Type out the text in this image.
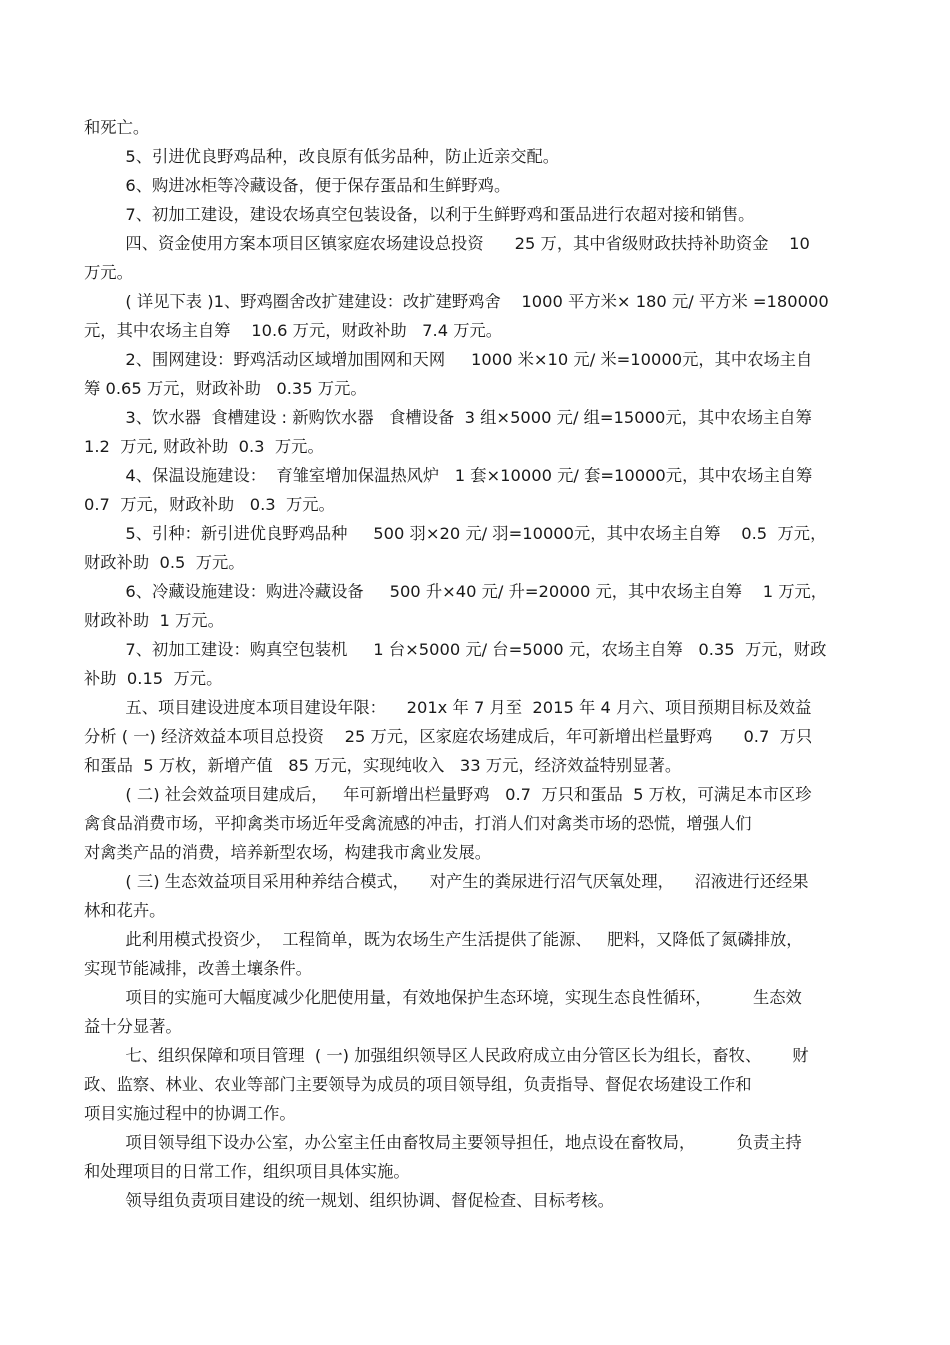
和死亡。

5、引进优良野鸡品种，改良原有低劣品种，防止近亲交配。

6、购进冰柜等冷藏设备，便于保存蛋品和生鲜野鸡。

7、初加工建设，建设农场真空包装设备，以利于生鲜野鸡和蛋品进行农超对接和销售。

四、资金使用方案本项目区镇家庭农场建设总投资      25 万，其中省级财政扶持补助资金    10

万元。

( 详见下表 )1、野鸡圈舍改扩建建设：改扩建野鸡舍    1000 平方米× 180 元/ 平方米 =180000

元，其中农场主自筹    10.6 万元，财政补助   7.4 万元。

2、围网建设：野鸡活动区域增加围网和天网     1000 米×10 元/ 米=10000元，其中农场主自

筹 0.65 万元，财政补助   0.35 万元。

3、饮水器  食槽建设 : 新购饮水器   食槽设备  3 组×5000 元/ 组=15000元，其中农场主自筹

1.2  万元, 财政补助  0.3  万元。

4、保温设施建设：  育雏室增加保温热风炉   1 套×10000 元/ 套=10000元，其中农场主自筹

0.7  万元，财政补助   0.3  万元。

5、引种：新引进优良野鸡品种     500 羽×20 元/ 羽=10000元，其中农场主自筹    0.5  万元，

财政补助  0.5  万元。

6、冷藏设施建设：购进冷藏设备     500 升×40 元/ 升=20000 元，其中农场主自筹    1 万元，

财政补助  1 万元。

7、初加工建设：购真空包装机     1 台×5000 元/ 台=5000 元，农场主自筹   0.35  万元，财政

补助  0.15  万元。

五、项目建设进度本项目建设年限：    201x 年 7 月至  2015 年 4 月六、项目预期目标及效益

分析 ( 一) 经济效益本项目总投资    25 万元，区家庭农场建成后，年可新增出栏量野鸡      0.7  万只

和蛋品  5 万枚，新增产值   85 万元，实现纯收入   33 万元，经济效益特别显著。

( 二) 社会效益项目建成后，   年可新增出栏量野鸡   0.7  万只和蛋品  5 万枚，可满足本市区珍

禽食品消费市场，平抑禽类市场近年受禽流感的冲击，打消人们对禽类市场的恐慌，增强人们

对禽类产品的消费，培养新型农场，构建我市禽业发展。

( 三) 生态效益项目采用种养结合模式，    对产生的粪尿进行沼气厌氧处理，    沼液进行还经果

林和花卉。

此利用模式投资少，  工程简单，既为农场生产生活提供了能源、   肥料，又降低了氮磷排放，

实现节能减排，改善土壤条件。

项目的实施可大幅度减少化肥使用量，有效地保护生态环境，实现生态良性循环，        生态效

益十分显著。

七、组织保障和项目管理  ( 一) 加强组织领导区人民政府成立由分管区长为组长，畜牧、      财

政、监察、林业、农业等部门主要领导为成员的项目领导组，负责指导、督促农场建设工作和

项目实施过程中的协调工作。

项目领导组下设办公室，办公室主任由畜牧局主要领导担任，地点设在畜牧局，        负责主持

和处理项目的日常工作，组织项目具体实施。

领导组负责项目建设的统一规划、组织协调、督促检查、目标考核。
